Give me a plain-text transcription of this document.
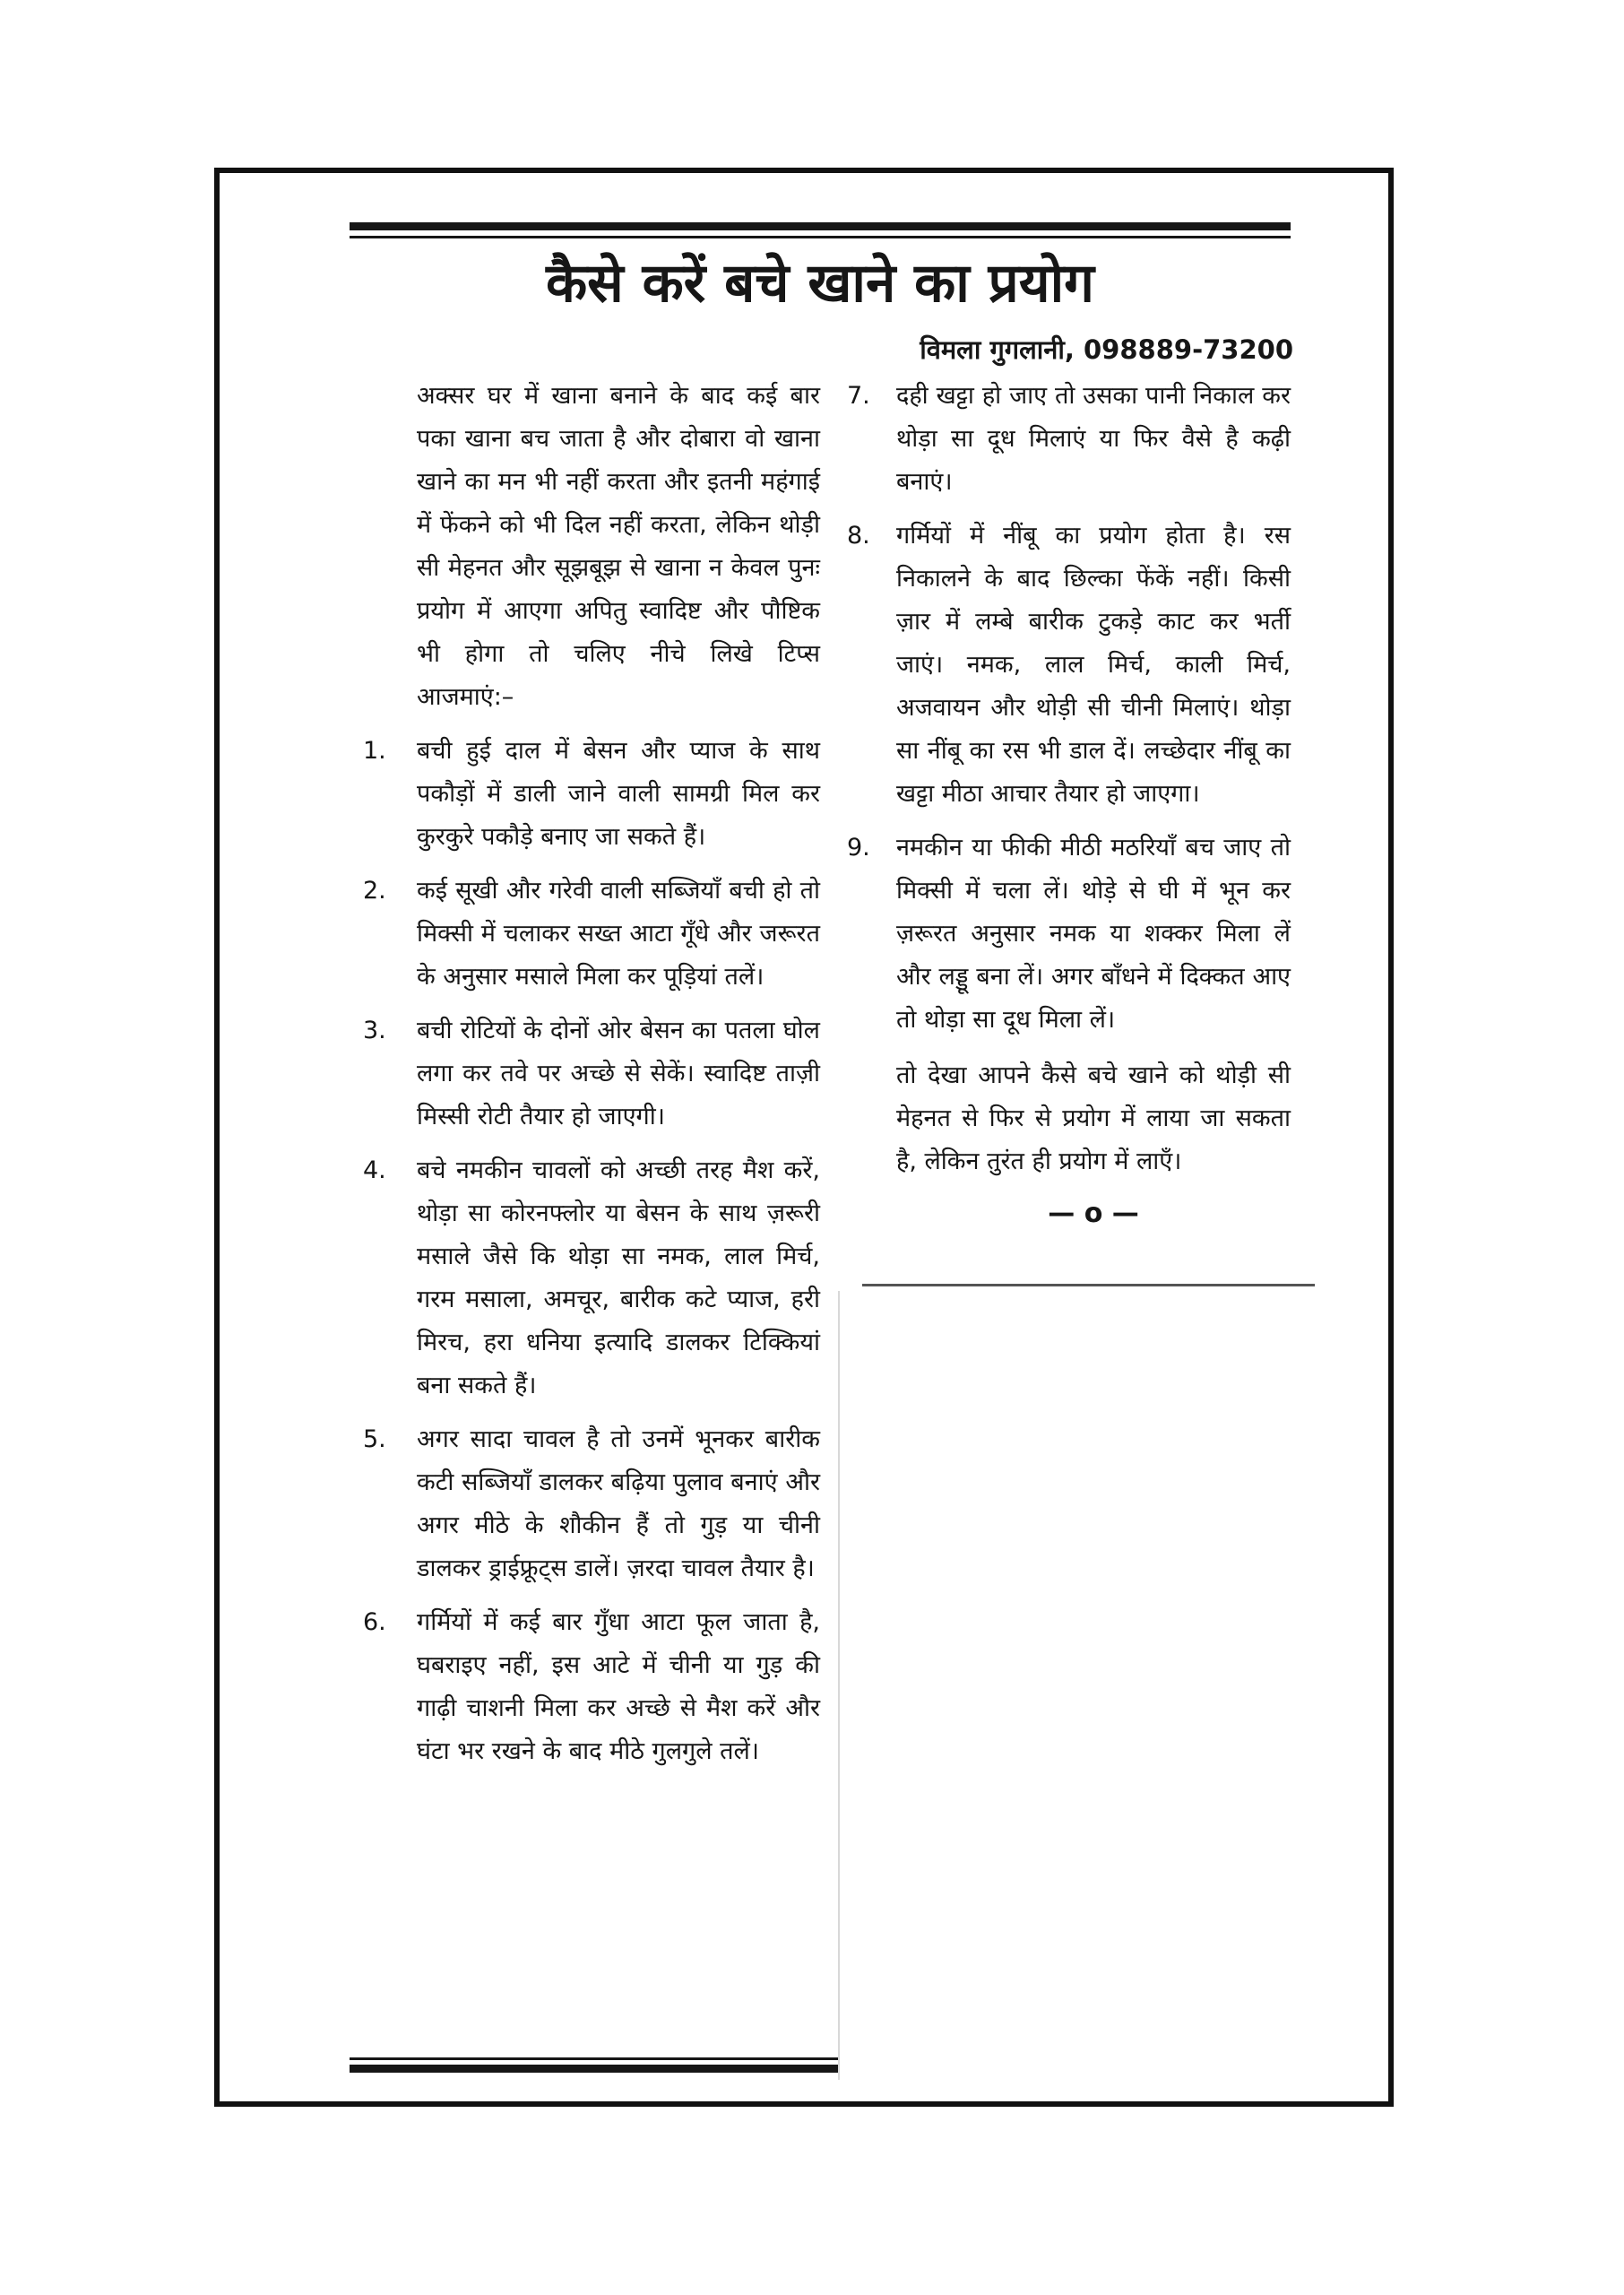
कैसे करें बचे खाने का प्रयोग
विमला गुगलानी, 098889-73200

अक्सर घर में खाना बनाने के बाद कई बार पका खाना बच जाता है और दोबारा वो खाना खाने का मन भी नहीं करता और इतनी महंगाई में फेंकने को भी दिल नहीं करता, लेकिन थोड़ी सी मेहनत और सूझबूझ से खाना न केवल पुनः प्रयोग में आएगा अपितु स्वादिष्ट और पौष्टिक भी होगा तो चलिए नीचे लिखे टिप्स आजमाएं:–

1.	बची हुई दाल में बेसन और प्याज के साथ पकौड़ों में डाली जाने वाली सामग्री मिल कर कुरकुरे पकौड़े बनाए जा सकते हैं।

2.	कई सूखी और गरेवी वाली सब्जियाँ बची हो तो मिक्सी में चलाकर सख्त आटा गूँधे और जरूरत के अनुसार मसाले मिला कर पूड़ियां तलें।

3.	बची रोटियों के दोनों ओर बेसन का पतला घोल लगा कर तवे पर अच्छे से सेकें। स्वादिष्ट ताज़ी मिस्सी रोटी तैयार हो जाएगी।

4.	बचे नमकीन चावलों को अच्छी तरह मैश करें, थोड़ा सा कोरनफ्लोर या बेसन के साथ ज़रूरी मसाले जैसे कि थोड़ा सा नमक, लाल मिर्च, गरम मसाला, अमचूर, बारीक कटे प्याज, हरी मिरच, हरा धनिया इत्यादि डालकर टिक्कियां बना सकते हैं।

5.	अगर सादा चावल है तो उनमें भूनकर बारीक कटी सब्जियाँ डालकर बढ़िया पुलाव बनाएं और अगर मीठे के शौकीन हैं तो गुड़ या चीनी डालकर ड्राईफ्रूट्स डालें। ज़रदा चावल तैयार है।

6.	गर्मियों में कई बार गुँधा आटा फूल जाता है, घबराइए नहीं, इस आटे में चीनी या गुड़ की गाढ़ी चाशनी मिला कर अच्छे से मैश करें और घंटा भर रखने के बाद मीठे गुलगुले तलें।

7.	दही खट्टा हो जाए तो उसका पानी निकाल कर थोड़ा सा दूध मिलाएं या फिर वैसे है कढ़ी बनाएं।

8.	गर्मियों में नींबू का प्रयोग होता है। रस निकालने के बाद छिल्का फेंकें नहीं। किसी ज़ार में लम्बे बारीक टुकड़े काट कर भर्ती जाएं। नमक, लाल मिर्च, काली मिर्च, अजवायन और थोड़ी सी चीनी मिलाएं। थोड़ा सा नींबू का रस भी डाल दें। लच्छेदार नींबू का खट्टा मीठा आचार तैयार हो जाएगा।

9.	नमकीन या फीकी मीठी मठरियाँ बच जाए तो मिक्सी में चला लें। थोड़े से घी में भून कर ज़रूरत अनुसार नमक या शक्कर मिला लें और लड्डू बना लें। अगर बाँधने में दिक्कत आए तो थोड़ा सा दूध मिला लें।

तो देखा आपने कैसे बचे खाने को थोड़ी सी मेहनत से फिर से प्रयोग में लाया जा सकता है, लेकिन तुरंत ही प्रयोग में लाएँ।

— o —
